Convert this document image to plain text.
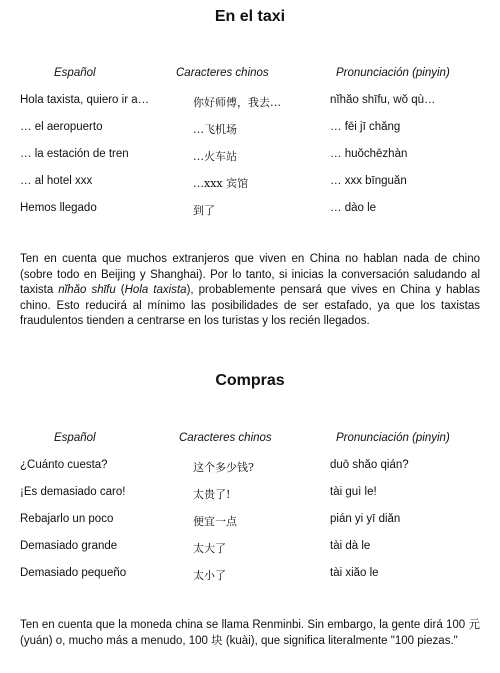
En el taxi
Español	Caracteres chinos	Pronunciación (pinyin)
Hola taxista, quiero ir a…	你好师傅，我去…	nĭhăo shīfu, wŏ qù…
… el aeropuerto	…飞机场	… fēi jī chăng
… la estación de tren	…火车站	… huŏchēzhàn
… al hotel xxx	…xxx 宾馆	… xxx bīnguăn
Hemos llegado	到了	… dào le

Ten en cuenta que muchos extranjeros que viven en China no hablan nada de chino (sobre todo en Beijing y Shanghai). Por lo tanto, si inicias la conversación saludando al taxista nĭhăo shīfu (Hola taxista), probablemente pensará que vives en China y hablas chino. Esto reducirá al mínimo las posibilidades de ser estafado, ya que los taxistas fraudulentos tienden a centrarse en los turistas y los recién llegados.

Compras
Español	Caracteres chinos	Pronunciación (pinyin)
¿Cuánto cuesta?	这个多少钱?	duō shăo qián?
¡Es demasiado caro!	太贵了!	tài guì le!
Rebajarlo un poco	便宜一点	pián yi yī diăn
Demasiado grande	太大了	tài dà le
Demasiado pequeño	太小了	tài xiăo le

Ten en cuenta que la moneda china se llama Renminbi. Sin embargo, la gente dirá 100 元 (yuán) o, mucho más a menudo, 100 块 (kuài), que significa literalmente "100 piezas."
